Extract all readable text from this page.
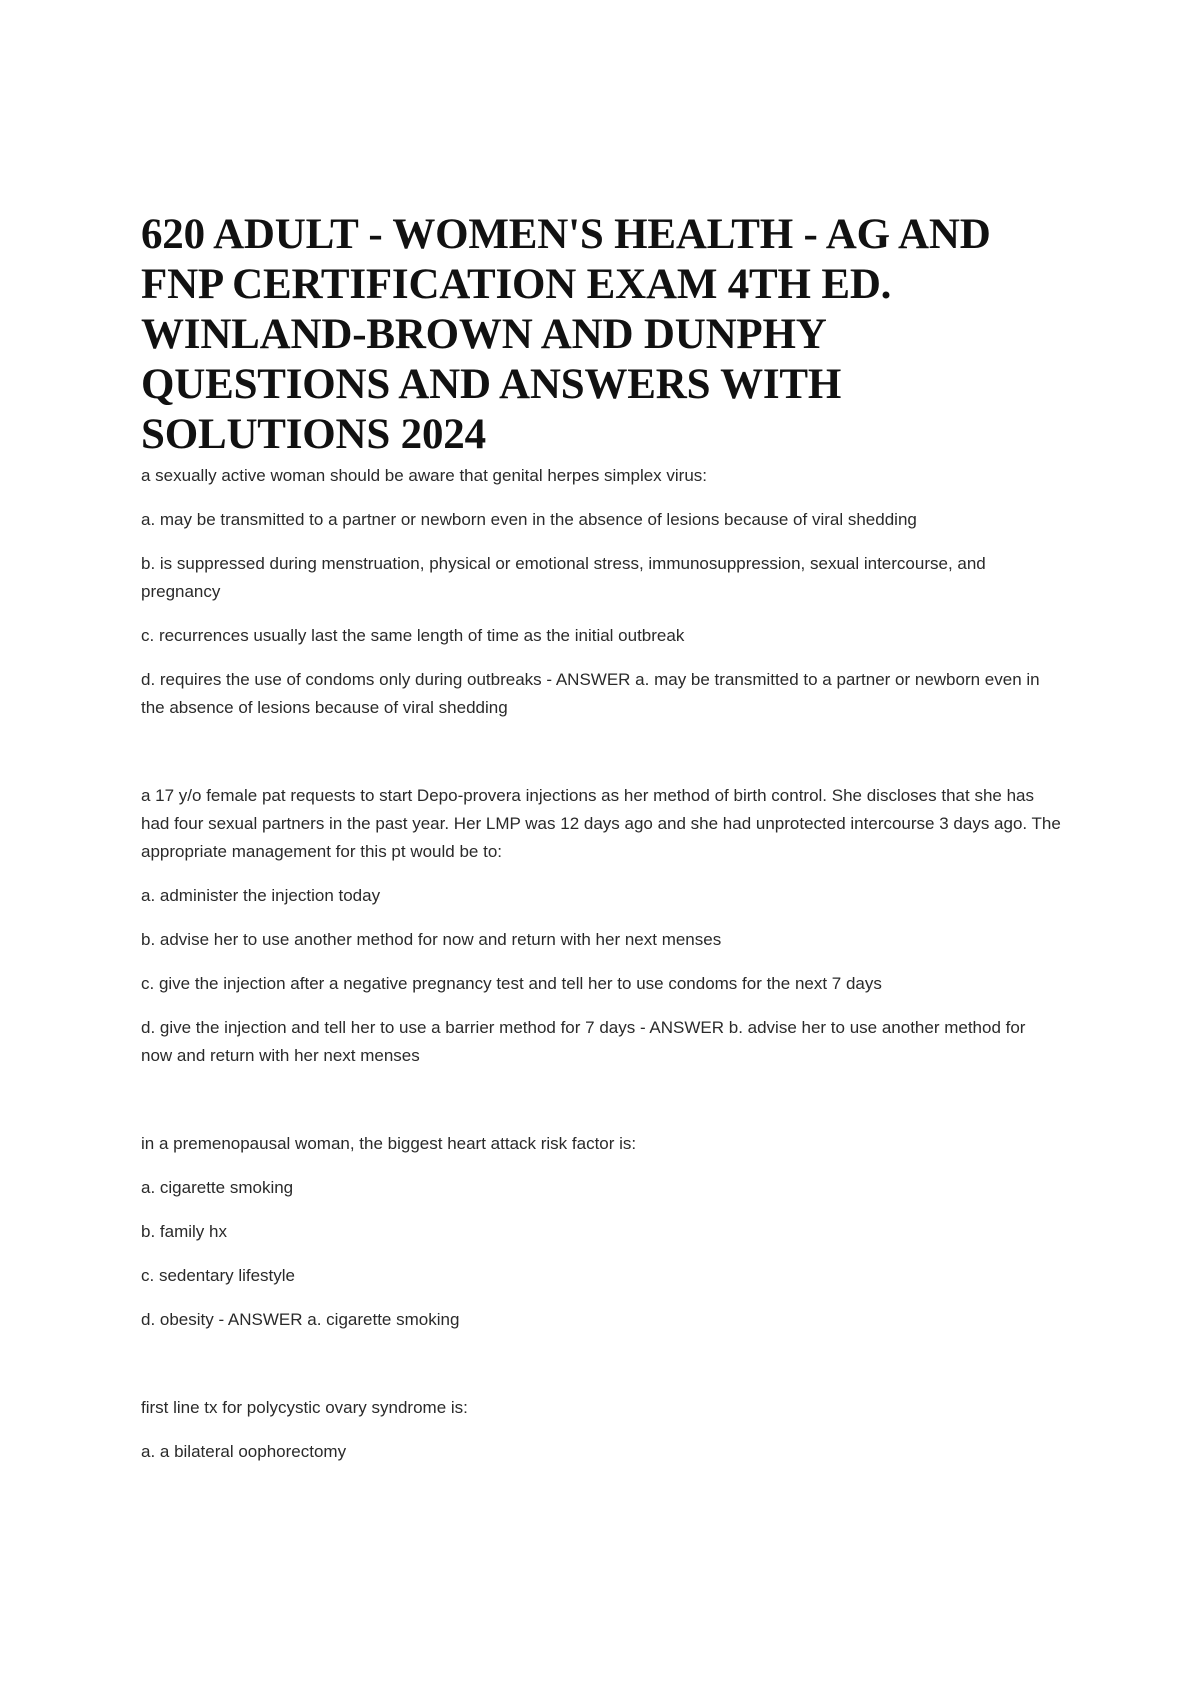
620 ADULT - WOMEN'S HEALTH - AG AND
FNP CERTIFICATION EXAM 4TH ED.
WINLAND-BROWN AND DUNPHY
QUESTIONS AND ANSWERS WITH
SOLUTIONS 2024

a sexually active woman should be aware that genital herpes simplex virus:

a. may be transmitted to a partner or newborn even in the absence of lesions because of viral shedding

b. is suppressed during menstruation, physical or emotional stress, immunosuppression, sexual intercourse, and pregnancy

c. recurrences usually last the same length of time as the initial outbreak

d. requires the use of condoms only during outbreaks - ANSWER a. may be transmitted to a partner or newborn even in the absence of lesions because of viral shedding

a 17 y/o female pat requests to start Depo-provera injections as her method of birth control. She discloses that she has had four sexual partners in the past year. Her LMP was 12 days ago and she had unprotected intercourse 3 days ago. The appropriate management for this pt would be to:

a. administer the injection today

b. advise her to use another method for now and return with her next menses

c. give the injection after a negative pregnancy test and tell her to use condoms for the next 7 days

d. give the injection and tell her to use a barrier method for 7 days - ANSWER b. advise her to use another method for now and return with her next menses

in a premenopausal woman, the biggest heart attack risk factor is:

a. cigarette smoking

b. family hx

c. sedentary lifestyle

d. obesity - ANSWER a. cigarette smoking

first line tx for polycystic ovary syndrome is:

a. a bilateral oophorectomy
